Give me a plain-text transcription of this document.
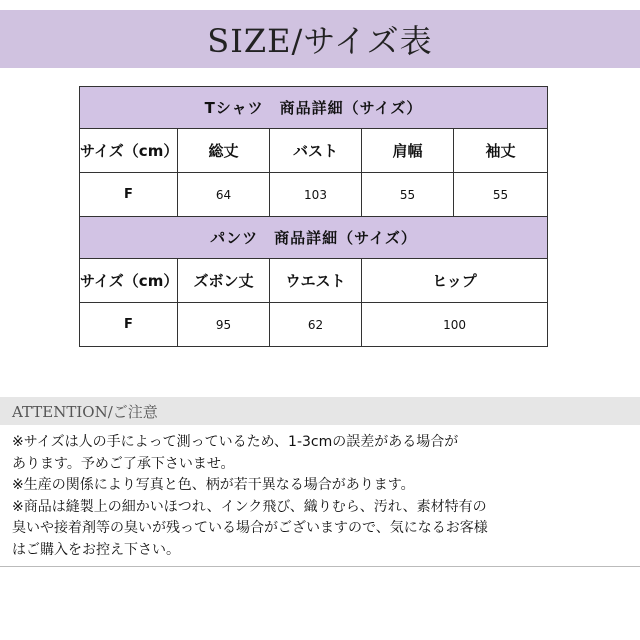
SIZE/サイズ表
Tシャツ　商品詳細（サイズ）				
サイズ（cm）	総丈	バスト	肩幅	袖丈
F	64	103	55	55
パンツ　商品詳細（サイズ）				
サイズ（cm）	ズボン丈	ウエスト	ヒップ	
F	95	62	100	
ATTENTION/ご注意
※サイズは人の手によって測っているため、1-3cmの誤差がある場合が
あります。予めご了承下さいませ。
※生産の関係により写真と色、柄が若干異なる場合があります。
※商品は縫製上の細かいほつれ、インク飛び、織りむら、汚れ、素材特有の
臭いや接着剤等の臭いが残っている場合がございますので、気になるお客様
はご購入をお控え下さい。
